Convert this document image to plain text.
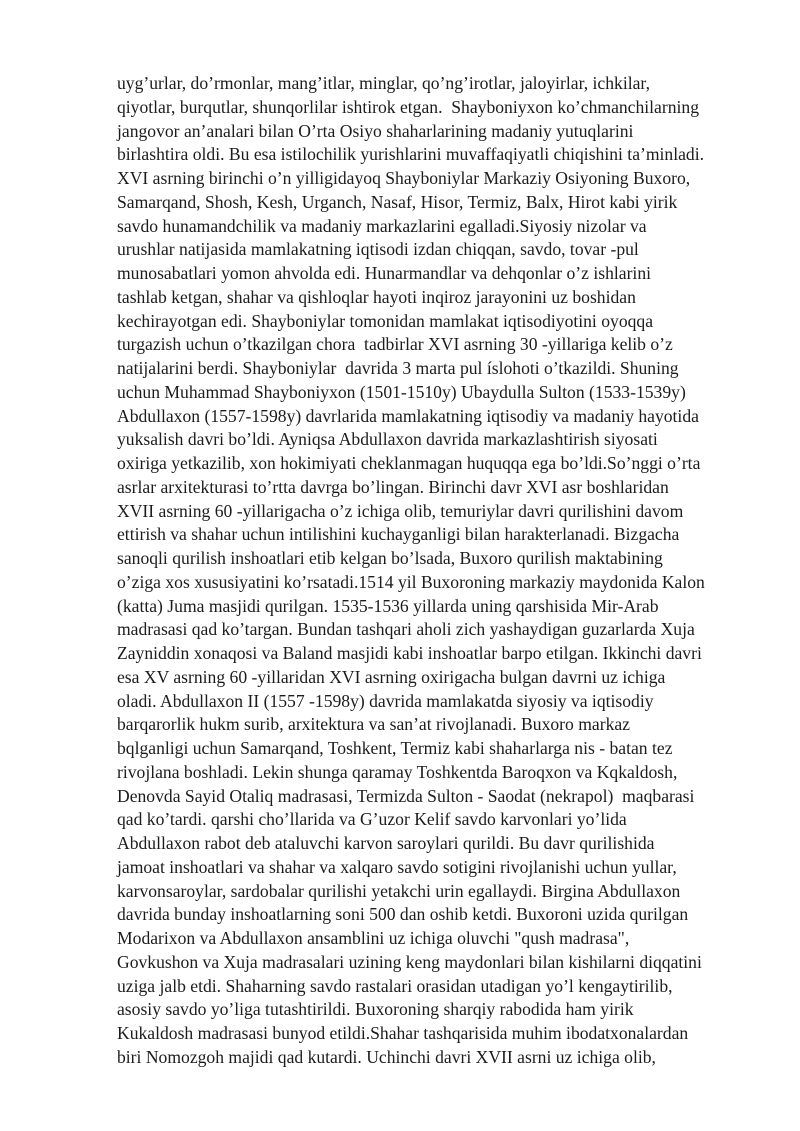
uyg’urlar, do’rmonlar, mang’itlar, minglar, qo’ng’irotlar, jaloyirlar, ichkilar,
qiyotlar, burqutlar, shunqorlilar ishtirok etgan.  Shayboniyxon ko’chmanchilarning
jangovor an’analari bilan O’rta Osiyo shaharlarining madaniy yutuqlarini
birlashtira oldi. Bu esa istilochilik yurishlarini muvaffaqiyatli chiqishini ta’minladi.
XVI asrning birinchi o’n yilligidayoq Shayboniylar Markaziy Osiyoning Buxoro,
Samarqand, Shosh, Kesh, Urganch, Nasaf, Hisor, Termiz, Balx, Hirot kabi yirik
savdo hunamandchilik va madaniy markazlarini egalladi.Siyosiy nizolar va
urushlar natijasida mamlakatning iqtisodi izdan chiqqan, savdo, tovar -pul
munosabatlari yomon ahvolda edi. Hunarmandlar va dehqonlar o’z ishlarini
tashlab ketgan, shahar va qishloqlar hayoti inqiroz jarayonini uz boshidan
kechirayotgan edi. Shayboniylar tomonidan mamlakat iqtisodiyotini oyoqqa
turgazish uchun o’tkazilgan chora  tadbirlar XVI asrning 30 -yillariga kelib o’z
natijalarini berdi. Shayboniylar  davrida 3 marta pul íslohoti o’tkazildi. Shuning
uchun Muhammad Shayboniyxon (1501-1510y) Ubaydulla Sulton (1533-1539y)
Abdullaxon (1557-1598y) davrlarida mamlakatning iqtisodiy va madaniy hayotida
yuksalish davri bo’ldi. Ayniqsa Abdullaxon davrida markazlashtirish siyosati
oxiriga yetkazilib, xon hokimiyati cheklanmagan huquqqa ega bo’ldi.So’nggi o’rta
asrlar arxitekturasi to’rtta davrga bo’lingan. Birinchi davr XVI asr boshlaridan
XVII asrning 60 -yillarigacha o’z ichiga olib, temuriylar davri qurilishini davom
ettirish va shahar uchun intilishini kuchayganligi bilan harakterlanadi. Bizgacha
sanoqli qurilish inshoatlari etib kelgan bo’lsada, Buxoro qurilish maktabining
o’ziga xos xususiyatini ko’rsatadi.1514 yil Buxoroning markaziy maydonida Kalon
(katta) Juma masjidi qurilgan. 1535-1536 yillarda uning qarshisida Mir-Arab
madrasasi qad ko’targan. Bundan tashqari aholi zich yashaydigan guzarlarda Xuja
Zayniddin xonaqosi va Baland masjidi kabi inshoatlar barpo etilgan. Ikkinchi davri
esa XV asrning 60 -yillaridan XVI asrning oxirigacha bulgan davrni uz ichiga
oladi. Abdullaxon II (1557 -1598y) davrida mamlakatda siyosiy va iqtisodiy
barqarorlik hukm surib, arxitektura va san’at rivojlanadi. Buxoro markaz
bqlganligi uchun Samarqand, Toshkent, Termiz kabi shaharlarga nis - batan tez
rivojlana boshladi. Lekin shunga qaramay Toshkentda Baroqxon va Kqkaldosh,
Denovda Sayid Otaliq madrasasi, Termizda Sulton - Saodat (nekrapol)  maqbarasi
qad ko’tardi. qarshi cho’llarida va G’uzor Kelif savdo karvonlari yo’lida
Abdullaxon rabot deb ataluvchi karvon saroylari qurildi. Bu davr qurilishida
jamoat inshoatlari va shahar va xalqaro savdo sotigini rivojlanishi uchun yullar,
karvonsaroylar, sardobalar qurilishi yetakchi urin egallaydi. Birgina Abdullaxon
davrida bunday inshoatlarning soni 500 dan oshib ketdi. Buxoroni uzida qurilgan
Modarixon va Abdullaxon ansamblini uz ichiga oluvchi "qush madrasa",
Govkushon va Xuja madrasalari uzining keng maydonlari bilan kishilarni diqqatini
uziga jalb etdi. Shaharning savdo rastalari orasidan utadigan yo’l kengaytirilib,
asosiy savdo yo’liga tutashtirildi. Buxoroning sharqiy rabodida ham yirik
Kukaldosh madrasasi bunyod etildi.Shahar tashqarisida muhim ibodatxonalardan
biri Nomozgoh majidi qad kutardi. Uchinchi davri XVII asrni uz ichiga olib,
